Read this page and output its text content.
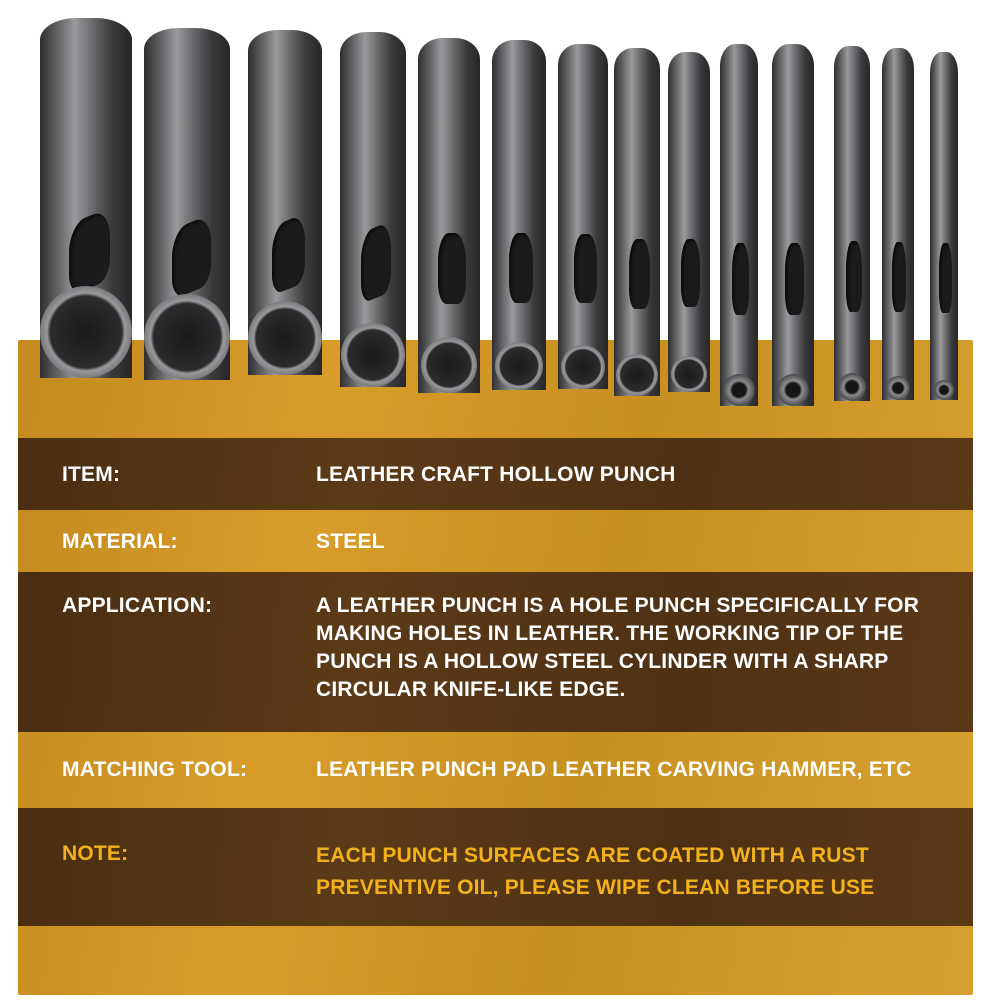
ITEM:	LEATHER CRAFT HOLLOW PUNCH
MATERIAL:	STEEL
APPLICATION:	A LEATHER PUNCH IS A HOLE PUNCH SPECIFICALLY FOR MAKING HOLES IN LEATHER. THE WORKING TIP OF THE PUNCH IS A HOLLOW STEEL CYLINDER WITH A SHARP CIRCULAR KNIFE-LIKE EDGE.
MATCHING TOOL:	LEATHER PUNCH PAD LEATHER CARVING HAMMER, ETC
NOTE:	EACH PUNCH SURFACES ARE COATED WITH A RUST PREVENTIVE OIL, PLEASE WIPE CLEAN BEFORE USE
